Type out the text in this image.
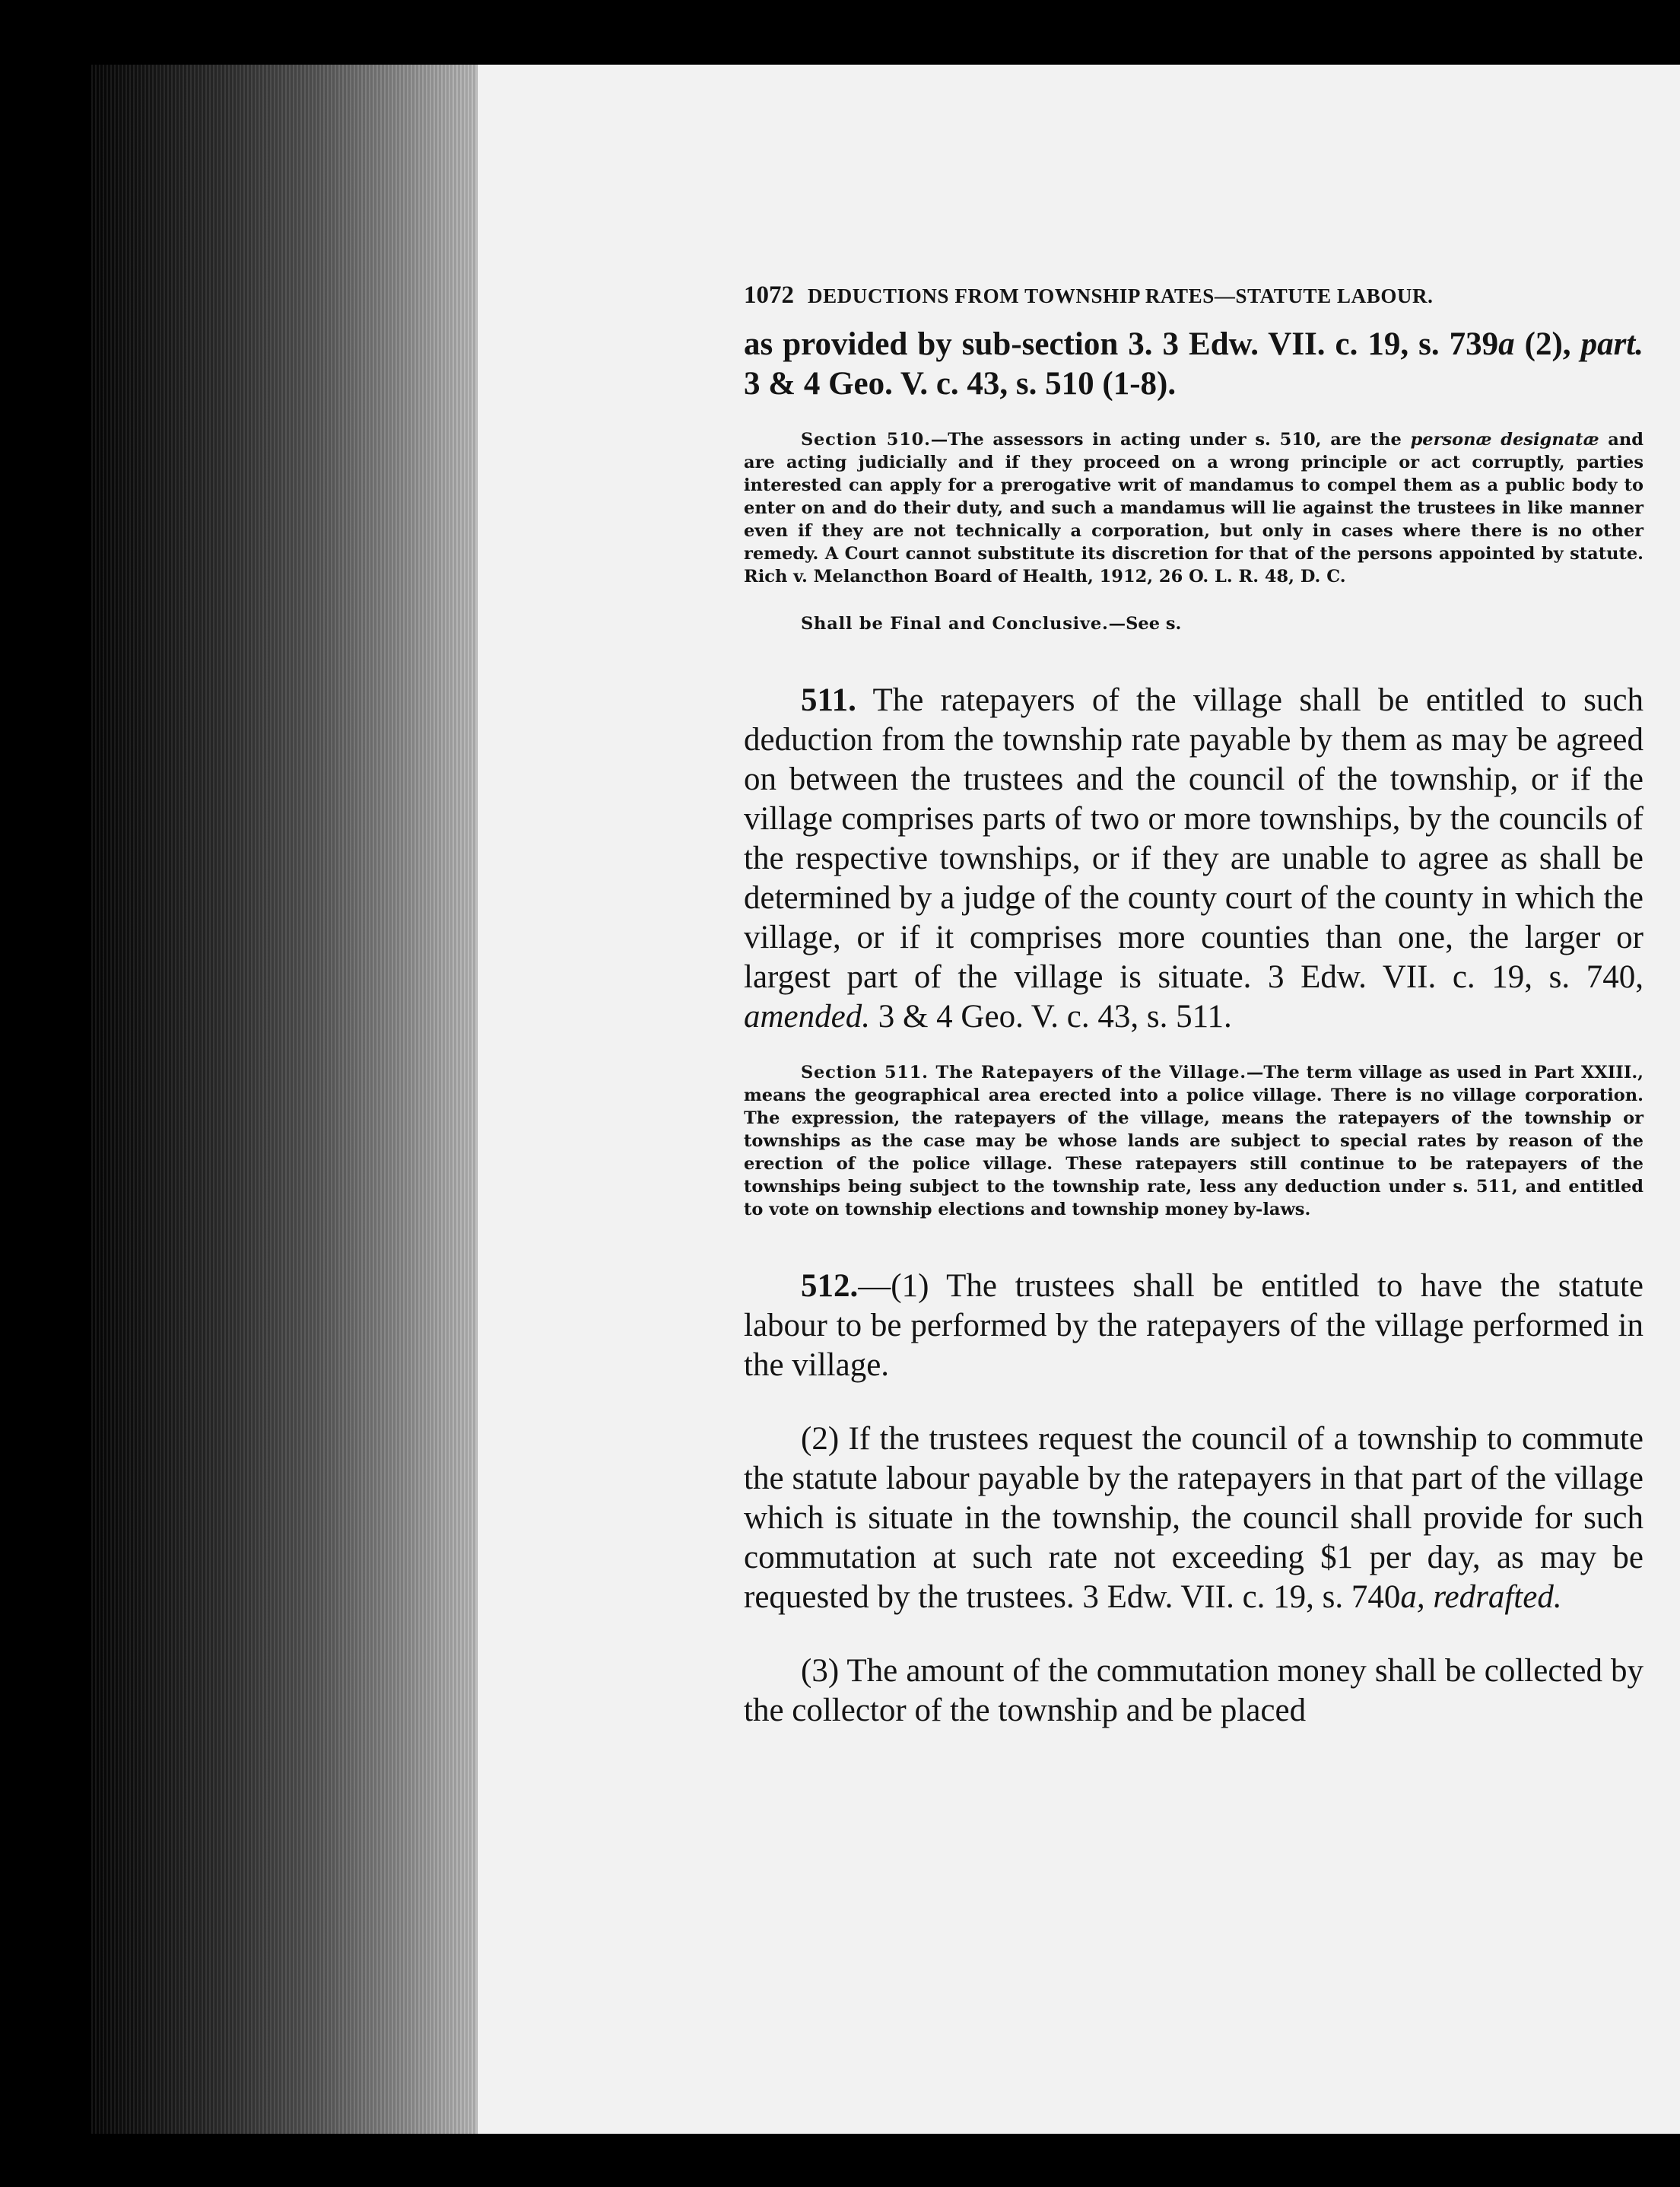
1072 DEDUCTIONS FROM TOWNSHIP RATES—STATUTE LABOUR.

as provided by sub-section 3. 3 Edw. VII. c. 19, s. 739a (2), part. 3 & 4 Geo. V. c. 43, s. 510 (1-8).

Section 510.—The assessors in acting under s. 510, are the personæ designatæ and are acting judicially and if they proceed on a wrong principle or act corruptly, parties interested can apply for a prerogative writ of mandamus to compel them as a public body to enter on and do their duty, and such a mandamus will lie against the trustees in like manner even if they are not technically a corporation, but only in cases where there is no other remedy. A Court cannot substitute its discretion for that of the persons appointed by statute. Rich v. Melancthon Board of Health, 1912, 26 O. L. R. 48, D. C.

Shall be Final and Conclusive.—See s.

511. The ratepayers of the village shall be entitled to such deduction from the township rate payable by them as may be agreed on between the trustees and the council of the township, or if the village comprises parts of two or more townships, by the councils of the respective townships, or if they are unable to agree as shall be determined by a judge of the county court of the county in which the village, or if it comprises more counties than one, the larger or largest part of the village is situate. 3 Edw. VII. c. 19, s. 740, amended. 3 & 4 Geo. V. c. 43, s. 511.

Section 511. The Ratepayers of the Village.—The term village as used in Part XXIII., means the geographical area erected into a police village. There is no village corporation. The expression, the ratepayers of the village, means the ratepayers of the township or townships as the case may be whose lands are subject to special rates by reason of the erection of the police village. These ratepayers still continue to be ratepayers of the townships being subject to the township rate, less any deduction under s. 511, and entitled to vote on township elections and township money by-laws.

512.—(1) The trustees shall be entitled to have the statute labour to be performed by the ratepayers of the village performed in the village.

(2) If the trustees request the council of a township to commute the statute labour payable by the ratepayers in that part of the village which is situate in the township, the council shall provide for such commutation at such rate not exceeding $1 per day, as may be requested by the trustees. 3 Edw. VII. c. 19, s. 740a, redrafted.

(3) The amount of the commutation money shall be collected by the collector of the township and be placed
